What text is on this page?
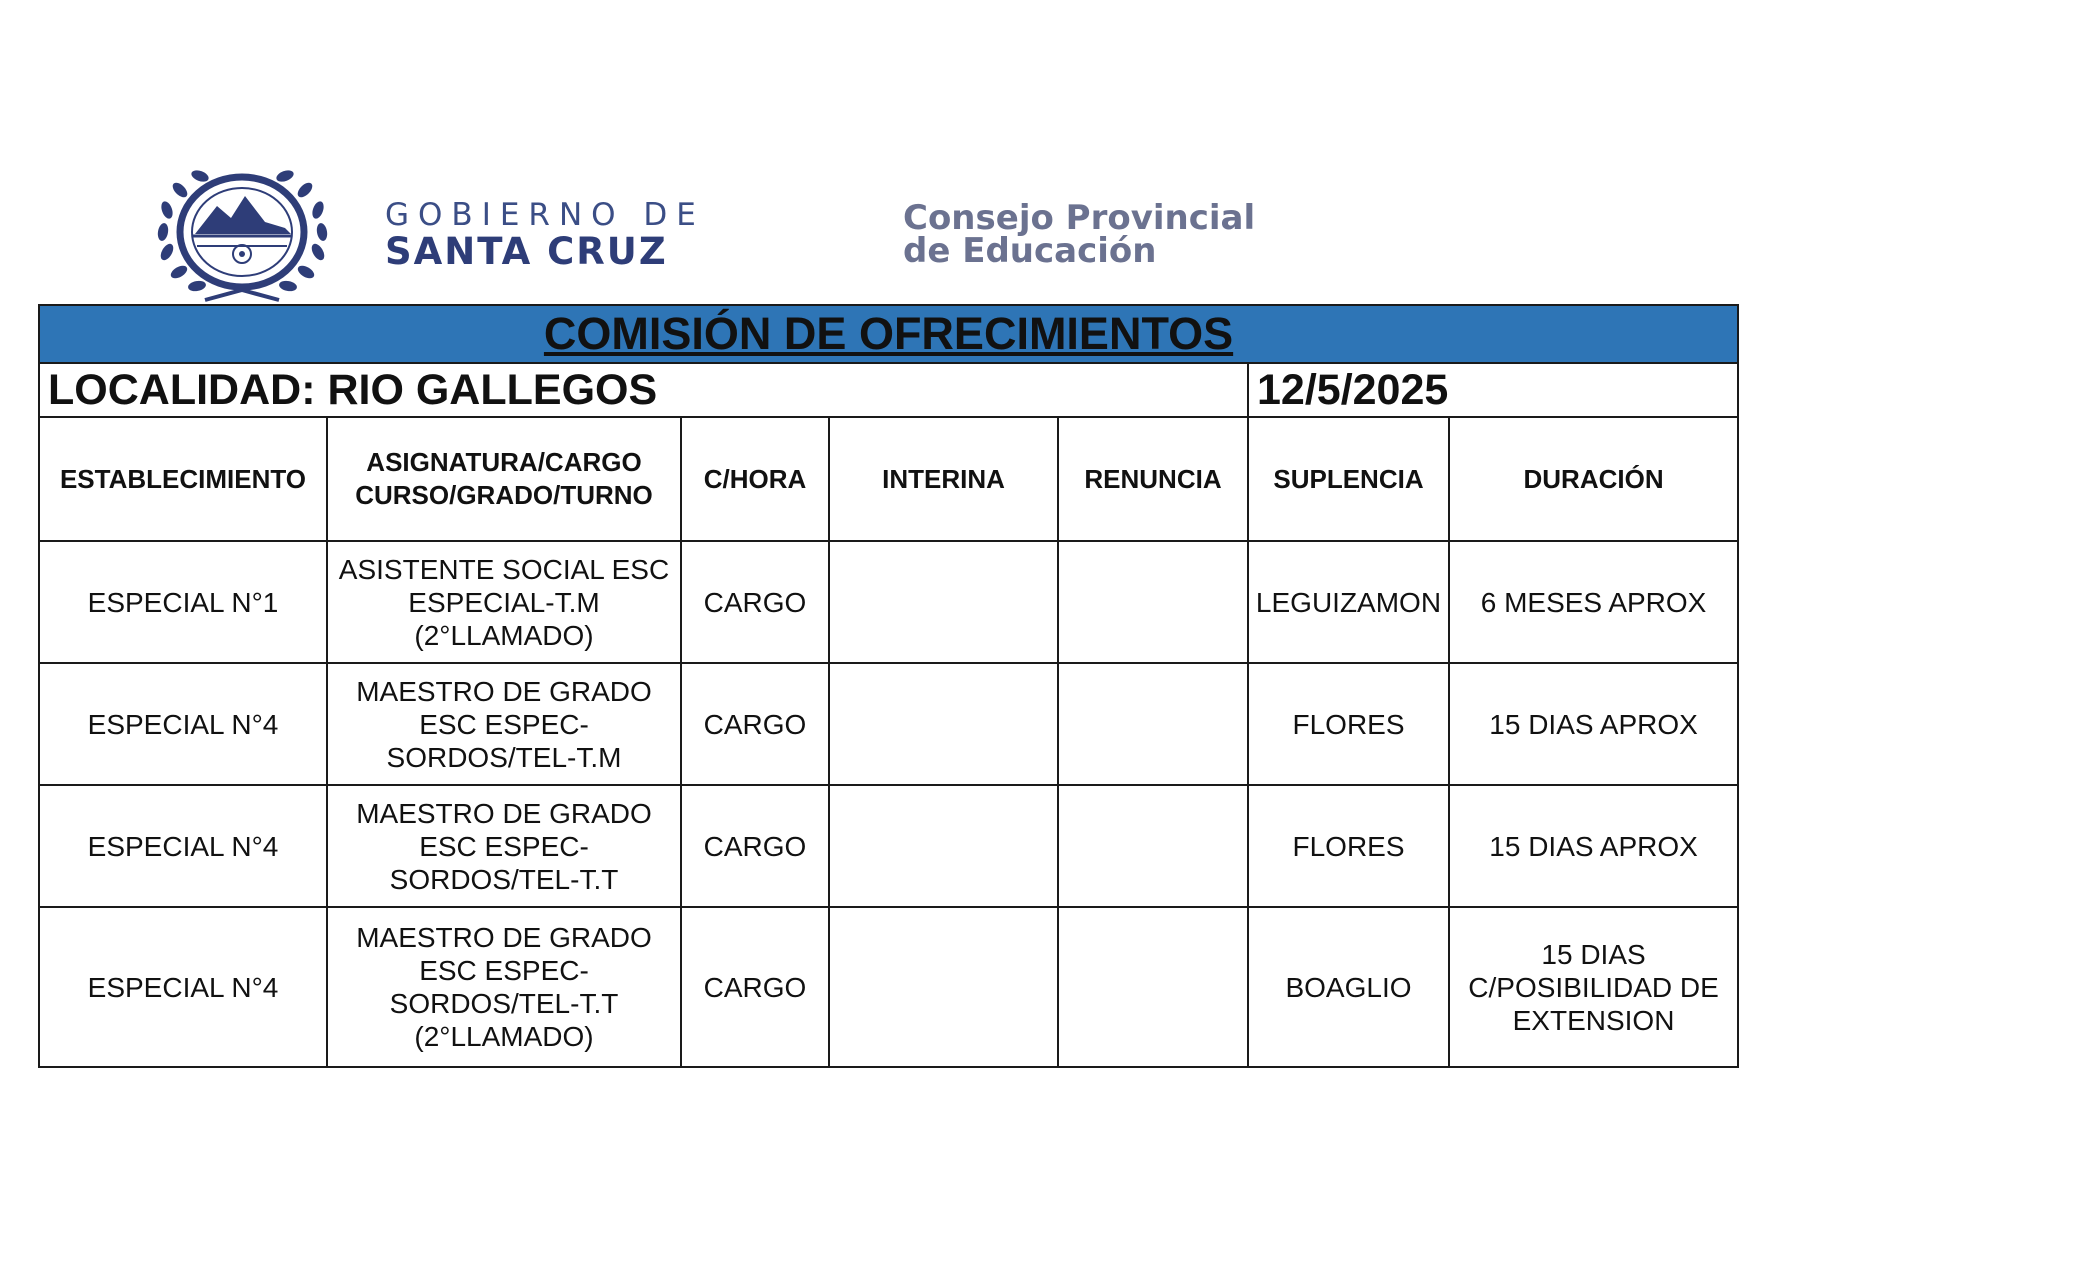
GOBIERNO DE
SANTA CRUZ
Consejo Provincial
de Educación
COMISIÓN DE OFRECIMIENTOS						
LOCALIDAD: RIO GALLEGOS					12/5/2025	
ESTABLECIMIENTO	ASIGNATURA/CARGO CURSO/GRADO/TURNO	C/HORA	INTERINA	RENUNCIA	SUPLENCIA	DURACIÓN
ESPECIAL N°1	ASISTENTE SOCIAL ESC ESPECIAL-T.M (2°LLAMADO)	CARGO			LEGUIZAMON	6 MESES APROX
ESPECIAL N°4	MAESTRO DE GRADO ESC ESPEC-SORDOS/TEL-T.M	CARGO			FLORES	15 DIAS APROX
ESPECIAL N°4	MAESTRO DE GRADO ESC ESPEC-SORDOS/TEL-T.T	CARGO			FLORES	15 DIAS APROX
ESPECIAL N°4	MAESTRO DE GRADO ESC ESPEC-SORDOS/TEL-T.T (2°LLAMADO)	CARGO			BOAGLIO	15 DIAS C/POSIBILIDAD DE EXTENSION
